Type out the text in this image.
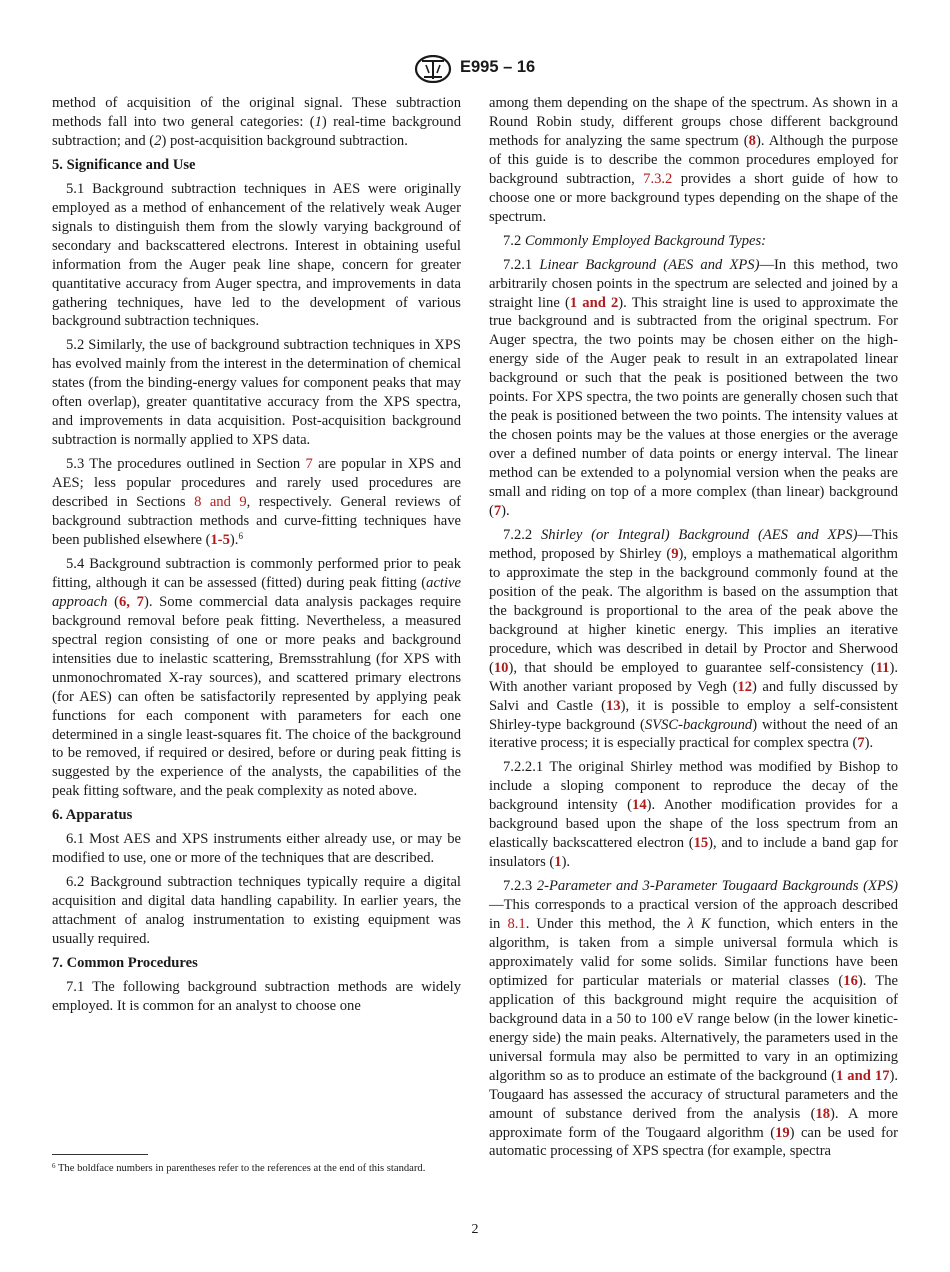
E995 – 16

method of acquisition of the original signal. These subtraction methods fall into two general categories: (1) real-time background subtraction; and (2) post-acquisition background subtraction.

5. Significance and Use

5.1 Background subtraction techniques in AES were originally employed as a method of enhancement of the relatively weak Auger signals to distinguish them from the slowly varying background of secondary and backscattered electrons. Interest in obtaining useful information from the Auger peak line shape, concern for greater quantitative accuracy from Auger spectra, and improvements in data gathering techniques, have led to the development of various background subtraction techniques.

5.2 Similarly, the use of background subtraction techniques in XPS has evolved mainly from the interest in the determination of chemical states (from the binding-energy values for component peaks that may often overlap), greater quantitative accuracy from the XPS spectra, and improvements in data acquisition. Post-acquisition background subtraction is normally applied to XPS data.

5.3 The procedures outlined in Section 7 are popular in XPS and AES; less popular procedures and rarely used procedures are described in Sections 8 and 9, respectively. General reviews of background subtraction methods and curve-fitting techniques have been published elsewhere (1-5).$^6$

5.4 Background subtraction is commonly performed prior to peak fitting, although it can be assessed (fitted) during peak fitting (active approach (6, 7). Some commercial data analysis packages require background removal before peak fitting. Nevertheless, a measured spectral region consisting of one or more peaks and background intensities due to inelastic scattering, Bremsstrahlung (for XPS with unmonochromated X-ray sources), and scattered primary electrons (for AES) can often be satisfactorily represented by applying peak functions for each component with parameters for each one determined in a single least-squares fit. The choice of the background to be removed, if required or desired, before or during peak fitting is suggested by the experience of the analysts, the capabilities of the peak fitting software, and the peak complexity as noted above.

6. Apparatus

6.1 Most AES and XPS instruments either already use, or may be modified to use, one or more of the techniques that are described.

6.2 Background subtraction techniques typically require a digital acquisition and digital data handling capability. In earlier years, the attachment of analog instrumentation to existing equipment was usually required.

7. Common Procedures

7.1 The following background subtraction methods are widely employed. It is common for an analyst to choose one

$^6$ The boldface numbers in parentheses refer to the references at the end of this standard.

among them depending on the shape of the spectrum. As shown in a Round Robin study, different groups chose different background methods for analyzing the same spectrum (8). Although the purpose of this guide is to describe the common procedures employed for background subtraction, 7.3.2 provides a short guide of how to choose one or more background types depending on the shape of the spectrum.

7.2 Commonly Employed Background Types:

7.2.1 Linear Background (AES and XPS)—In this method, two arbitrarily chosen points in the spectrum are selected and joined by a straight line (1 and 2). This straight line is used to approximate the true background and is subtracted from the original spectrum. For Auger spectra, the two points may be chosen either on the high-energy side of the Auger peak to result in an extrapolated linear background or such that the peak is positioned between the two points. For XPS spectra, the two points are generally chosen such that the peak is positioned between the two points. The intensity values at the chosen points may be the values at those energies or the average over a defined number of data points or energy interval. The linear method can be extended to a polynomial version when the peaks are small and riding on top of a more complex (than linear) background (7).

7.2.2 Shirley (or Integral) Background (AES and XPS)—This method, proposed by Shirley (9), employs a mathematical algorithm to approximate the step in the background commonly found at the position of the peak. The algorithm is based on the assumption that the background is proportional to the area of the peak above the background at higher kinetic energy. This implies an iterative procedure, which was described in detail by Proctor and Sherwood (10), that should be employed to guarantee self-consistency (11). With another variant proposed by Vegh (12) and fully discussed by Salvi and Castle (13), it is possible to employ a self-consistent Shirley-type background (SVSC-background) without the need of an iterative process; it is especially practical for complex spectra (7).

7.2.2.1 The original Shirley method was modified by Bishop to include a sloping component to reproduce the decay of the background intensity (14). Another modification provides for a background based upon the shape of the loss spectrum from an elastically backscattered electron (15), and to include a band gap for insulators (1).

7.2.3 2-Parameter and 3-Parameter Tougaard Backgrounds (XPS)—This corresponds to a practical version of the approach described in 8.1. Under this method, the λ K function, which enters in the algorithm, is taken from a simple universal formula which is approximately valid for some solids. Similar functions have been optimized for particular materials or material classes (16). The application of this background might require the acquisition of background data in a 50 to 100 eV range below (in the lower kinetic-energy side) the main peaks. Alternatively, the parameters used in the universal formula may also be permitted to vary in an optimizing algorithm so as to produce an estimate of the background (1 and 17). Tougaard has assessed the accuracy of structural parameters and the amount of substance derived from the analysis (18). A more approximate form of the Tougaard algorithm (19) can be used for automatic processing of XPS spectra (for example, spectra

2
